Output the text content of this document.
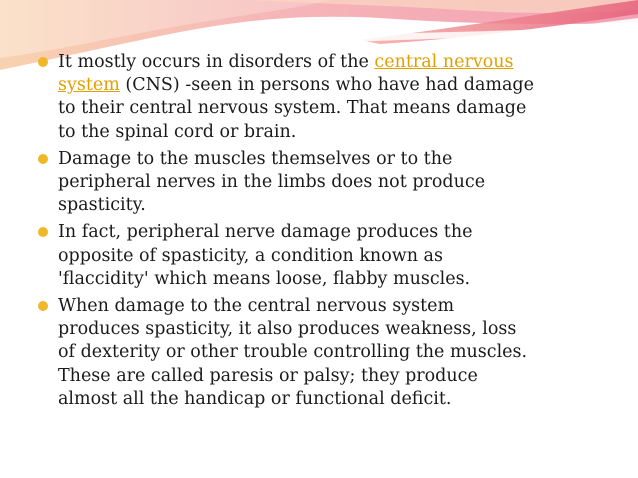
It mostly occurs in disorders of the central nervous system (CNS) -seen in persons who have had damage to their central nervous system. That means damage to the spinal cord or brain.
Damage to the muscles themselves or to the peripheral nerves in the limbs does not produce spasticity.
In fact, peripheral nerve damage produces the opposite of spasticity, a condition known as 'flaccidity' which means loose, flabby muscles.
When damage to the central nervous system produces spasticity, it also produces weakness, loss of dexterity or other trouble controlling the muscles. These are called paresis or palsy; they produce almost all the handicap or functional deficit.
